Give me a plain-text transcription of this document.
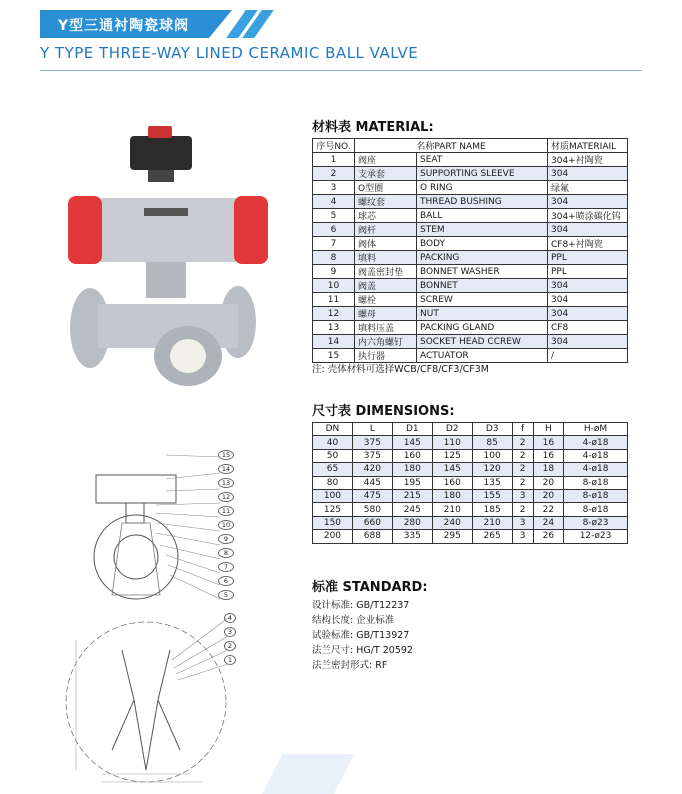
Y型三通衬陶瓷球阀
Y TYPE THREE-WAY LINED CERAMIC BALL VALVE
15
14
13
12
11
10
9
8
7
6
5
4
3
2
1
材料表 MATERIAL:
序号NO.	名称PART NAME		材质MATERIAIL
1	阀座	SEAT	304+衬陶瓷
2	支承套	SUPPORTING SLEEVE	304
3	O型圈	O RING	绿氟
4	螺纹套	THREAD BUSHING	304
5	球芯	BALL	304+喷涂碳化钨
6	阀杆	STEM	304
7	阀体	BODY	CF8+衬陶瓷
8	填料	PACKING	PPL
9	阀盖密封垫	BONNET WASHER	PPL
10	阀盖	BONNET	304
11	螺栓	SCREW	304
12	螺母	NUT	304
13	填料压盖	PACKING GLAND	CF8
14	内六角螺钉	SOCKET HEAD CCREW	304
15	执行器	ACTUATOR	/
注: 壳体材料可选择WCB/CF8/CF3/CF3M
尺寸表 DIMENSIONS:
DN	L	D1	D2	D3	f	H	H-øM
40	375	145	110	85	2	16	4-ø18
50	375	160	125	100	2	16	4-ø18
65	420	180	145	120	2	18	4-ø18
80	445	195	160	135	2	20	8-ø18
100	475	215	180	155	3	20	8-ø18
125	580	245	210	185	2	22	8-ø18
150	660	280	240	210	3	24	8-ø23
200	688	335	295	265	3	26	12-ø23
标准 STANDARD:
设计标准: GB/T12237
结构长度: 企业标准
试验标准: GB/T13927
法兰尺寸: HG/T 20592
法兰密封形式: RF
